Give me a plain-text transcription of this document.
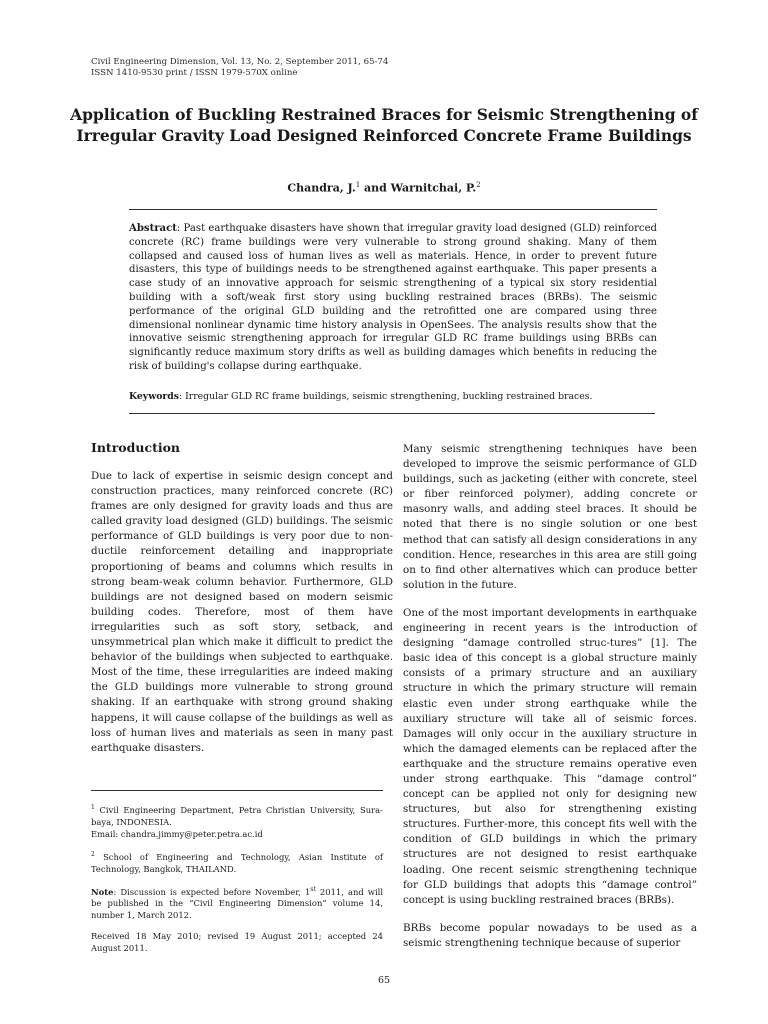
Civil Engineering Dimension, Vol. 13, No. 2, September 2011, 65-74
ISSN 1410-9530 print / ISSN 1979-570X online
Application of Buckling Restrained Braces for Seismic Strengthening of Irregular Gravity Load Designed Reinforced Concrete Frame Buildings
Chandra, J.$^1$ and Warnitchai, P.$^2$

Abstract: Past earthquake disasters have shown that irregular gravity load designed (GLD) reinforced concrete (RC) frame buildings were very vulnerable to strong ground shaking. Many of them collapsed and caused loss of human lives as well as materials. Hence, in order to prevent future disasters, this type of buildings needs to be strengthened against earthquake. This paper presents a case study of an innovative approach for seismic strengthening of a typical six story residential building with a soft/weak first story using buckling restrained braces (BRBs). The seismic performance of the original GLD building and the retrofitted one are compared using three dimensional nonlinear dynamic time history analysis in OpenSees. The analysis results show that the innovative seismic strengthening approach for irregular GLD RC frame buildings using BRBs can significantly reduce maximum story drifts as well as building damages which benefits in reducing the risk of building's collapse during earthquake.

Keywords: Irregular GLD RC frame buildings, seismic strengthening, buckling restrained braces.

Introduction

Due to lack of expertise in seismic design concept and construction practices, many reinforced concrete (RC) frames are only designed for gravity loads and thus are called gravity load designed (GLD) buildings. The seismic performance of GLD buildings is very poor due to non-ductile reinforcement detailing and inappropriate proportioning of beams and columns which results in strong beam-weak column behavior. Furthermore, GLD buildings are not designed based on modern seismic building codes. Therefore, most of them have irregularities such as soft story, setback, and unsymmetrical plan which make it difficult to predict the behavior of the buildings when subjected to earthquake. Most of the time, these irregularities are indeed making the GLD buildings more vulnerable to strong ground shaking. If an earthquake with strong ground shaking happens, it will cause collapse of the buildings as well as loss of human lives and materials as seen in many past earthquake disasters.

$^1$ Civil Engineering Department, Petra Christian University, Sura-baya, INDONESIA.
Email: chandra.jimmy@peter.petra.ac.id

$^2$ School of Engineering and Technology, Asian Institute of Technology, Bangkok, THAILAND.

Note: Discussion is expected before November, 1st 2011, and will be published in the “Civil Engineering Dimension” volume 14, number 1, March 2012.

Received 18 May 2010; revised 19 August 2011; accepted 24 August 2011.

Many seismic strengthening techniques have been developed to improve the seismic performance of GLD buildings, such as jacketing (either with concrete, steel or fiber reinforced polymer), adding concrete or masonry walls, and adding steel braces. It should be noted that there is no single solution or one best method that can satisfy all design considerations in any condition. Hence, researches in this area are still going on to find other alternatives which can produce better solution in the future.

One of the most important developments in earthquake engineering in recent years is the introduction of designing “damage controlled struc-tures” [1]. The basic idea of this concept is a global structure mainly consists of a primary structure and an auxiliary structure in which the primary structure will remain elastic even under strong earthquake while the auxiliary structure will take all of seismic forces. Damages will only occur in the auxiliary structure in which the damaged elements can be replaced after the earthquake and the structure remains operative even under strong earthquake. This “damage control” concept can be applied not only for designing new structures, but also for strengthening existing structures. Further-more, this concept fits well with the condition of GLD buildings in which the primary structures are not designed to resist earthquake loading. One recent seismic strengthening technique for GLD buildings that adopts this “damage control” concept is using buckling restrained braces (BRBs).

BRBs become popular nowadays to be used as a seismic strengthening technique because of superior

65
